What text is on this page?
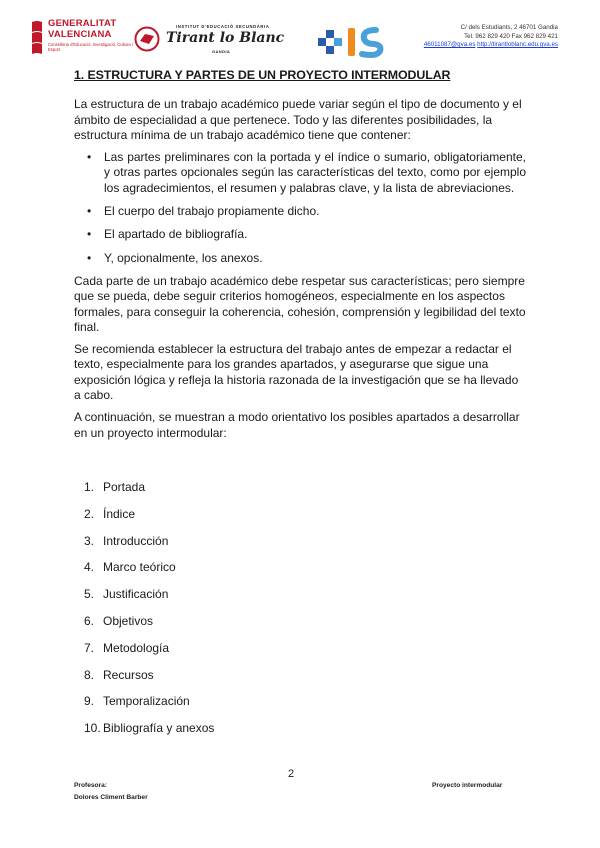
GENERALITAT
VALENCIANA
Conselleria d'Educació, Investigació, Cultura i Esport
INSTITUT D'EDUCACIÓ SECUNDÀRIA
Tirant lo Blanc
GANDIA
C/ dels Estudiants, 2 46701 Gandia
Tel. 962 829 420 Fax 962 829 421
46011087@gva.es http://tirantloblanc.edu.gva.es
1. ESTRUCTURA Y PARTES DE UN PROYECTO INTERMODULAR

La estructura de un trabajo académico puede variar según el tipo de documento y el ámbito de especialidad a que pertenece. Todo y las diferentes posibilidades, la estructura mínima de un trabajo académico tiene que contener:

• Las partes preliminares con la portada y el índice o sumario, obligatoriamente, y otras partes opcionales según las características del texto, como por ejemplo los agradecimientos, el resumen y palabras clave, y la lista de abreviaciones.
• El cuerpo del trabajo propiamente dicho.
• El apartado de bibliografía.
• Y, opcionalmente, los anexos.

Cada parte de un trabajo académico debe respetar sus características; pero siempre que se pueda, debe seguir criterios homogéneos, especialmente en los aspectos formales, para conseguir la coherencia, cohesión, comprensión y legibilidad del texto final.

Se recomienda establecer la estructura del trabajo antes de empezar a redactar el texto, especialmente para los grandes apartados, y asegurarse que sigue una exposición lógica y refleja la historia razonada de la investigación que se ha llevado a cabo.

A continuación, se muestran a modo orientativo los posibles apartados a desarrollar en un proyecto intermodular:

1. Portada
2. Índice
3. Introducción
4. Marco teórico
5. Justificación
6. Objetivos
7. Metodología
8. Recursos
9. Temporalización
10. Bibliografía y anexos
2
Profesora:
Dolores Climent Barber
Proyecto intermodular
